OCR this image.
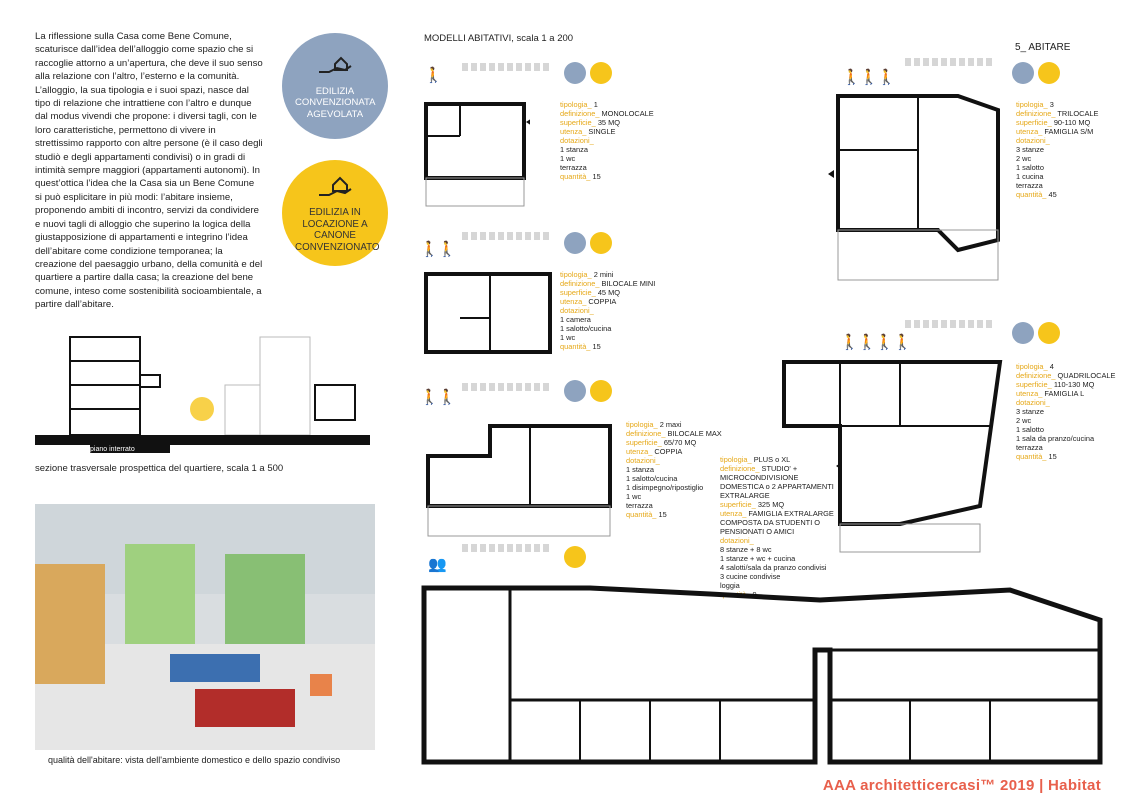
La riflessione sulla Casa come Bene Comune, scaturisce dall’idea dell’alloggio come spazio che si raccoglie attorno a un’apertura, che deve il suo senso alla relazione con l’altro, l’esterno e la comunità. L’alloggio, la sua tipologia e i suoi spazi, nasce dal tipo di relazione che intrattiene con l’altro e dunque dal modus vivendi che propone: i diversi tagli, con le loro caratteristiche, permettono di vivere in strettissimo rapporto con altre persone (è il caso degli studiò e degli appartamenti condivisi) o in gradi di intimità sempre maggiori (appartamenti autonomi). In quest’ottica l’idea che la Casa sia un Bene Comune si può esplicitare in più modi: l’abitare insieme, proponendo ambiti di incontro, servizi da condividere e nuovi tagli di alloggio che superino la logica della giustapposizione di appartamenti e integrino l’idea dell’abitare come condizione temporanea; la creazione del paesaggio urbano, della comunità e del quartiere a partire dalla casa; la creazione del bene comune, inteso come sostenibilità socioambientale, a partire dall’abitare.
EDILIZIA CONVENZIONATA AGEVOLATA
EDILIZIA IN LOCAZIONE A CANONE CONVENZIONATO
piano interrato
sezione trasversale prospettica del quartiere, scala 1 a 500
qualità dell'abitare: vista dell'ambiente domestico e dello spazio condiviso
MODELLI ABITATIVI, scala 1 a 200
5_ ABITARE
🚶

tipologia_ 1
definizione_ MONOLOCALE
superficie_ 35 MQ
utenza_ SINGLE
dotazioni_
1 stanza
1 wc
terrazza
quantità_ 15
🚶🚶

tipologia_ 2 mini
definizione_ BILOCALE MINI
superficie_ 45 MQ
utenza_ COPPIA
dotazioni_
1 camera
1 salotto/cucina
1 wc
quantità_ 15
🚶🚶

tipologia_ 2 maxi
definizione_ BILOCALE MAX
superficie_ 65/70 MQ
utenza_ COPPIA
dotazioni_
1 stanza
1 salotto/cucina
1 disimpegno/ripostiglio
1 wc
terrazza
quantità_ 15
🚶🚶🚶

tipologia_ 3
definizione_ TRILOCALE
superficie_ 90-110 MQ
utenza_ FAMIGLIA S/M
dotazioni_
3 stanze
2 wc
1 salotto
1 cucina
terrazza
quantità_ 45
🚶🚶🚶🚶

tipologia_ 4
definizione_ QUADRILOCALE
superficie_ 110-130 MQ
utenza_ FAMIGLIA L
dotazioni_
3 stanze
2 wc
1 salotto
1 sala da pranzo/cucina
terrazza
quantità_ 15
👥
tipologia_ PLUS o XL
definizione_ STUDIO' + MICROCONDIVISIONE DOMESTICA o 2 APPARTAMENTI EXTRALARGE
superficie_ 325 MQ
utenza_ FAMIGLIA EXTRALARGE COMPOSTA DA STUDENTI O PENSIONATI O AMICI
dotazioni_
8 stanze + 8 wc
1 stanze + wc + cucina
4 salotti/sala da pranzo condivisi
3 cucine condivise
loggia
quantità_ 9
AAA architetticercasi™ 2019 | Habitat
